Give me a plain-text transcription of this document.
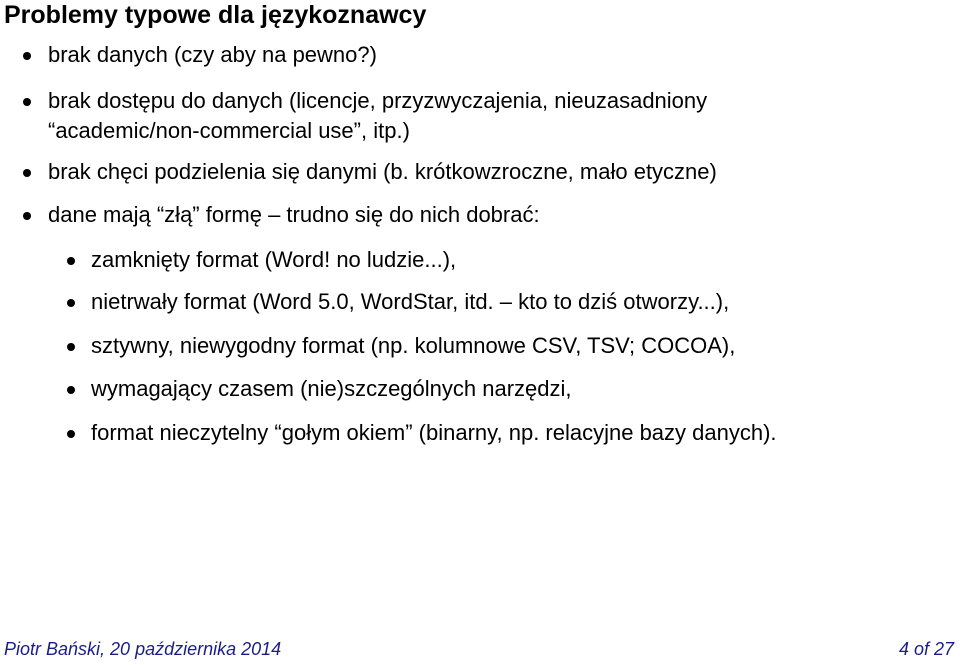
Problemy typowe dla językoznawcy
brak danych (czy aby na pewno?)
brak dostępu do danych (licencje, przyzwyczajenia, nieuzasadniony
“academic/non-commercial use”, itp.)
brak chęci podzielenia się danymi (b. krótkowzroczne, mało etyczne)
dane mają “złą” formę – trudno się do nich dobrać:
zamknięty format (Word! no ludzie...),
nietrwały format (Word 5.0, WordStar, itd. – kto to dziś otworzy...),
sztywny, niewygodny format (np. kolumnowe CSV, TSV; COCOA),
wymagający czasem (nie)szczególnych narzędzi,
format nieczytelny “gołym okiem” (binarny, np. relacyjne bazy danych).
Piotr Bański, 20 października 2014	4 of 27
